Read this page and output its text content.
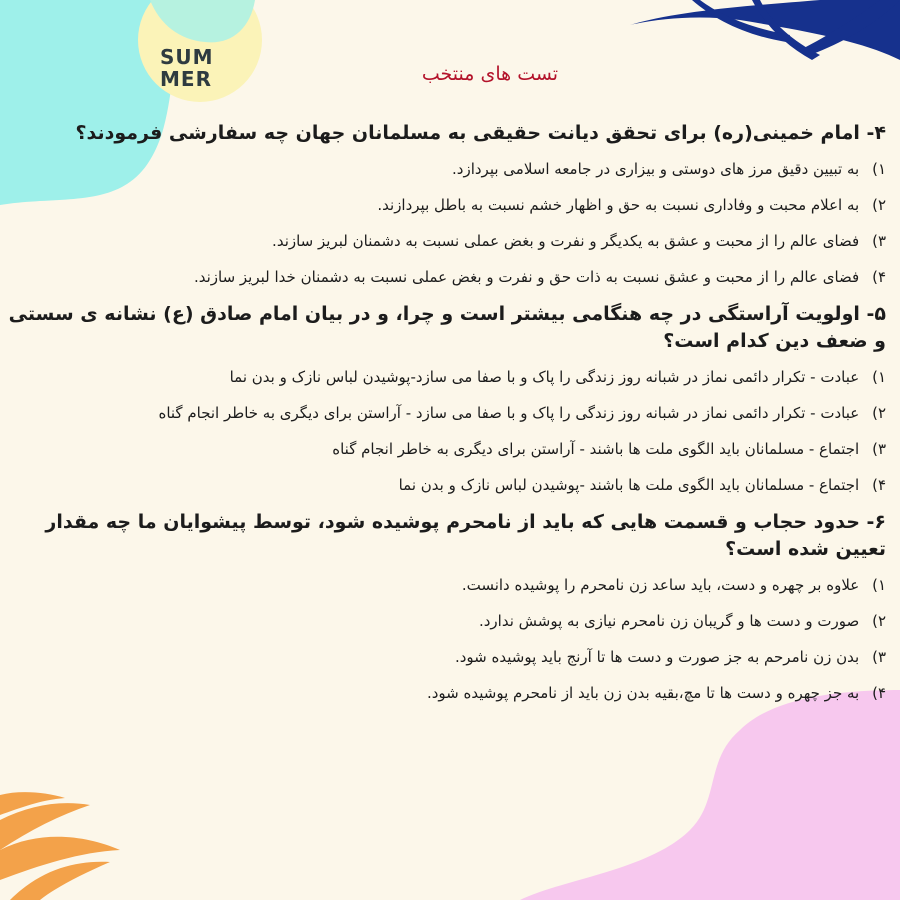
SUM
MER	تست های منتخب
۴- امام خمینی(ره) برای تحقق دیانت حقیقی به مسلمانان جهان چه سفارشی فرمودند؟
۱) به تبیین دقیق مرز های دوستی و بیزاری در جامعه اسلامی بپردازد.
۲) به اعلام محبت و وفاداری نسبت به حق و اظهار خشم نسبت به باطل بپردازند.
۳) فضای عالم را از محبت و عشق به یکدیگر و نفرت و بغض عملی نسبت به دشمنان لبریز سازند.
۴) فضای عالم را از محبت و عشق نسبت به ذات حق و نفرت و بغض عملی نسبت به دشمنان خدا لبریز سازند.
۵- اولویت آراستگی در چه هنگامی بیشتر است و چرا، و در بیان امام صادق (ع) نشانه ی سستی و ضعف دین کدام است؟
۱) عبادت - تکرار دائمی نماز در شبانه روز زندگی را پاک و با صفا می سازد-پوشیدن لباس نازک و بدن نما
۲) عبادت - تکرار دائمی نماز در شبانه روز زندگی را پاک و با صفا می سازد - آراستن برای دیگری به خاطر انجام گناه
۳) اجتماع - مسلمانان باید الگوی ملت ها باشند - آراستن برای دیگری به خاطر انجام گناه
۴) اجتماع - مسلمانان باید الگوی ملت ها باشند -پوشیدن لباس نازک و بدن نما
۶- حدود حجاب و قسمت هایی که باید از نامحرم پوشیده شود، توسط پیشوایان ما چه مقدار تعیین شده است؟
۱) علاوه بر چهره و دست، باید ساعد زن نامحرم را پوشیده دانست.
۲) صورت و دست ها و گریبان زن نامحرم نیازی به پوشش ندارد.
۳) بدن زن نامرحم به جز صورت و دست ها تا آرنج باید پوشیده شود.
۴) به جز چهره و دست ها تا مچ،بقیه بدن زن باید از نامحرم پوشیده شود.
